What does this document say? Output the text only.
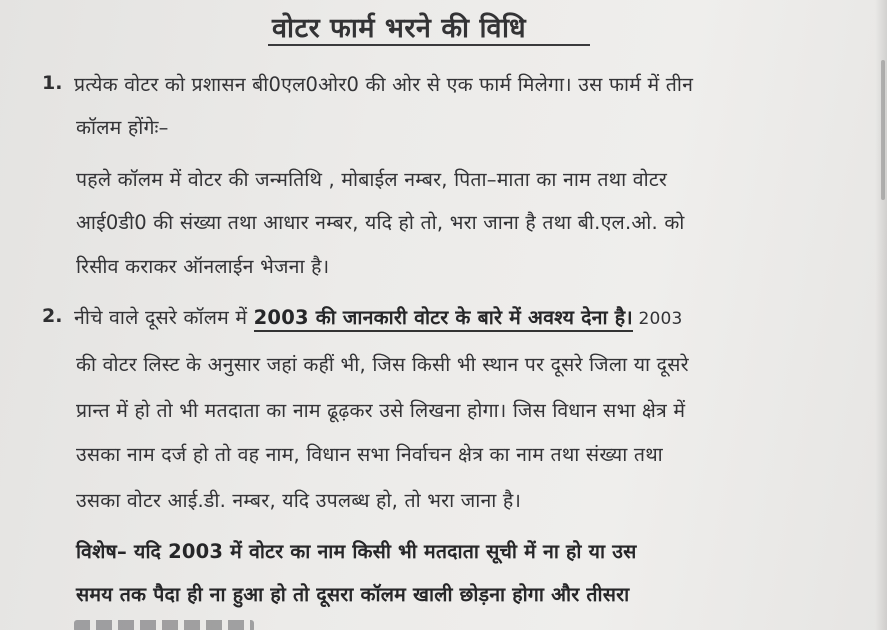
वोटर फार्म भरने की विधि
1. प्रत्येक वोटर को प्रशासन बी0एल0ओर0 की ओर से एक फार्म मिलेगा। उस फार्म में तीन
कॉलम होंगेः–
पहले कॉलम में वोटर की जन्मतिथि , मोबाईल नम्बर, पिता–माता का नाम तथा वोटर
आई0डी0 की संख्या तथा आधार नम्बर, यदि हो तो, भरा जाना है तथा बी.एल.ओ. को
रिसीव कराकर ऑनलाईन भेजना है।
2. नीचे वाले दूसरे कॉलम में 2003 की जानकारी वोटर के बारे में अवश्य देना है। 2003
की वोटर लिस्ट के अनुसार जहां कहीं भी, जिस किसी भी स्थान पर दूसरे जिला या दूसरे
प्रान्त में हो तो भी मतदाता का नाम ढूढ़कर उसे लिखना होगा। जिस विधान सभा क्षेत्र में
उसका नाम दर्ज हो तो वह नाम, विधान सभा निर्वाचन क्षेत्र का नाम तथा संख्या तथा
उसका वोटर आई.डी. नम्बर, यदि उपलब्ध हो, तो भरा जाना है।
विशेष– यदि 2003 में वोटर का नाम किसी भी मतदाता सूची में ना हो या उस
समय तक पैदा ही ना हुआ हो तो दूसरा कॉलम खाली छोड़ना होगा और तीसरा
